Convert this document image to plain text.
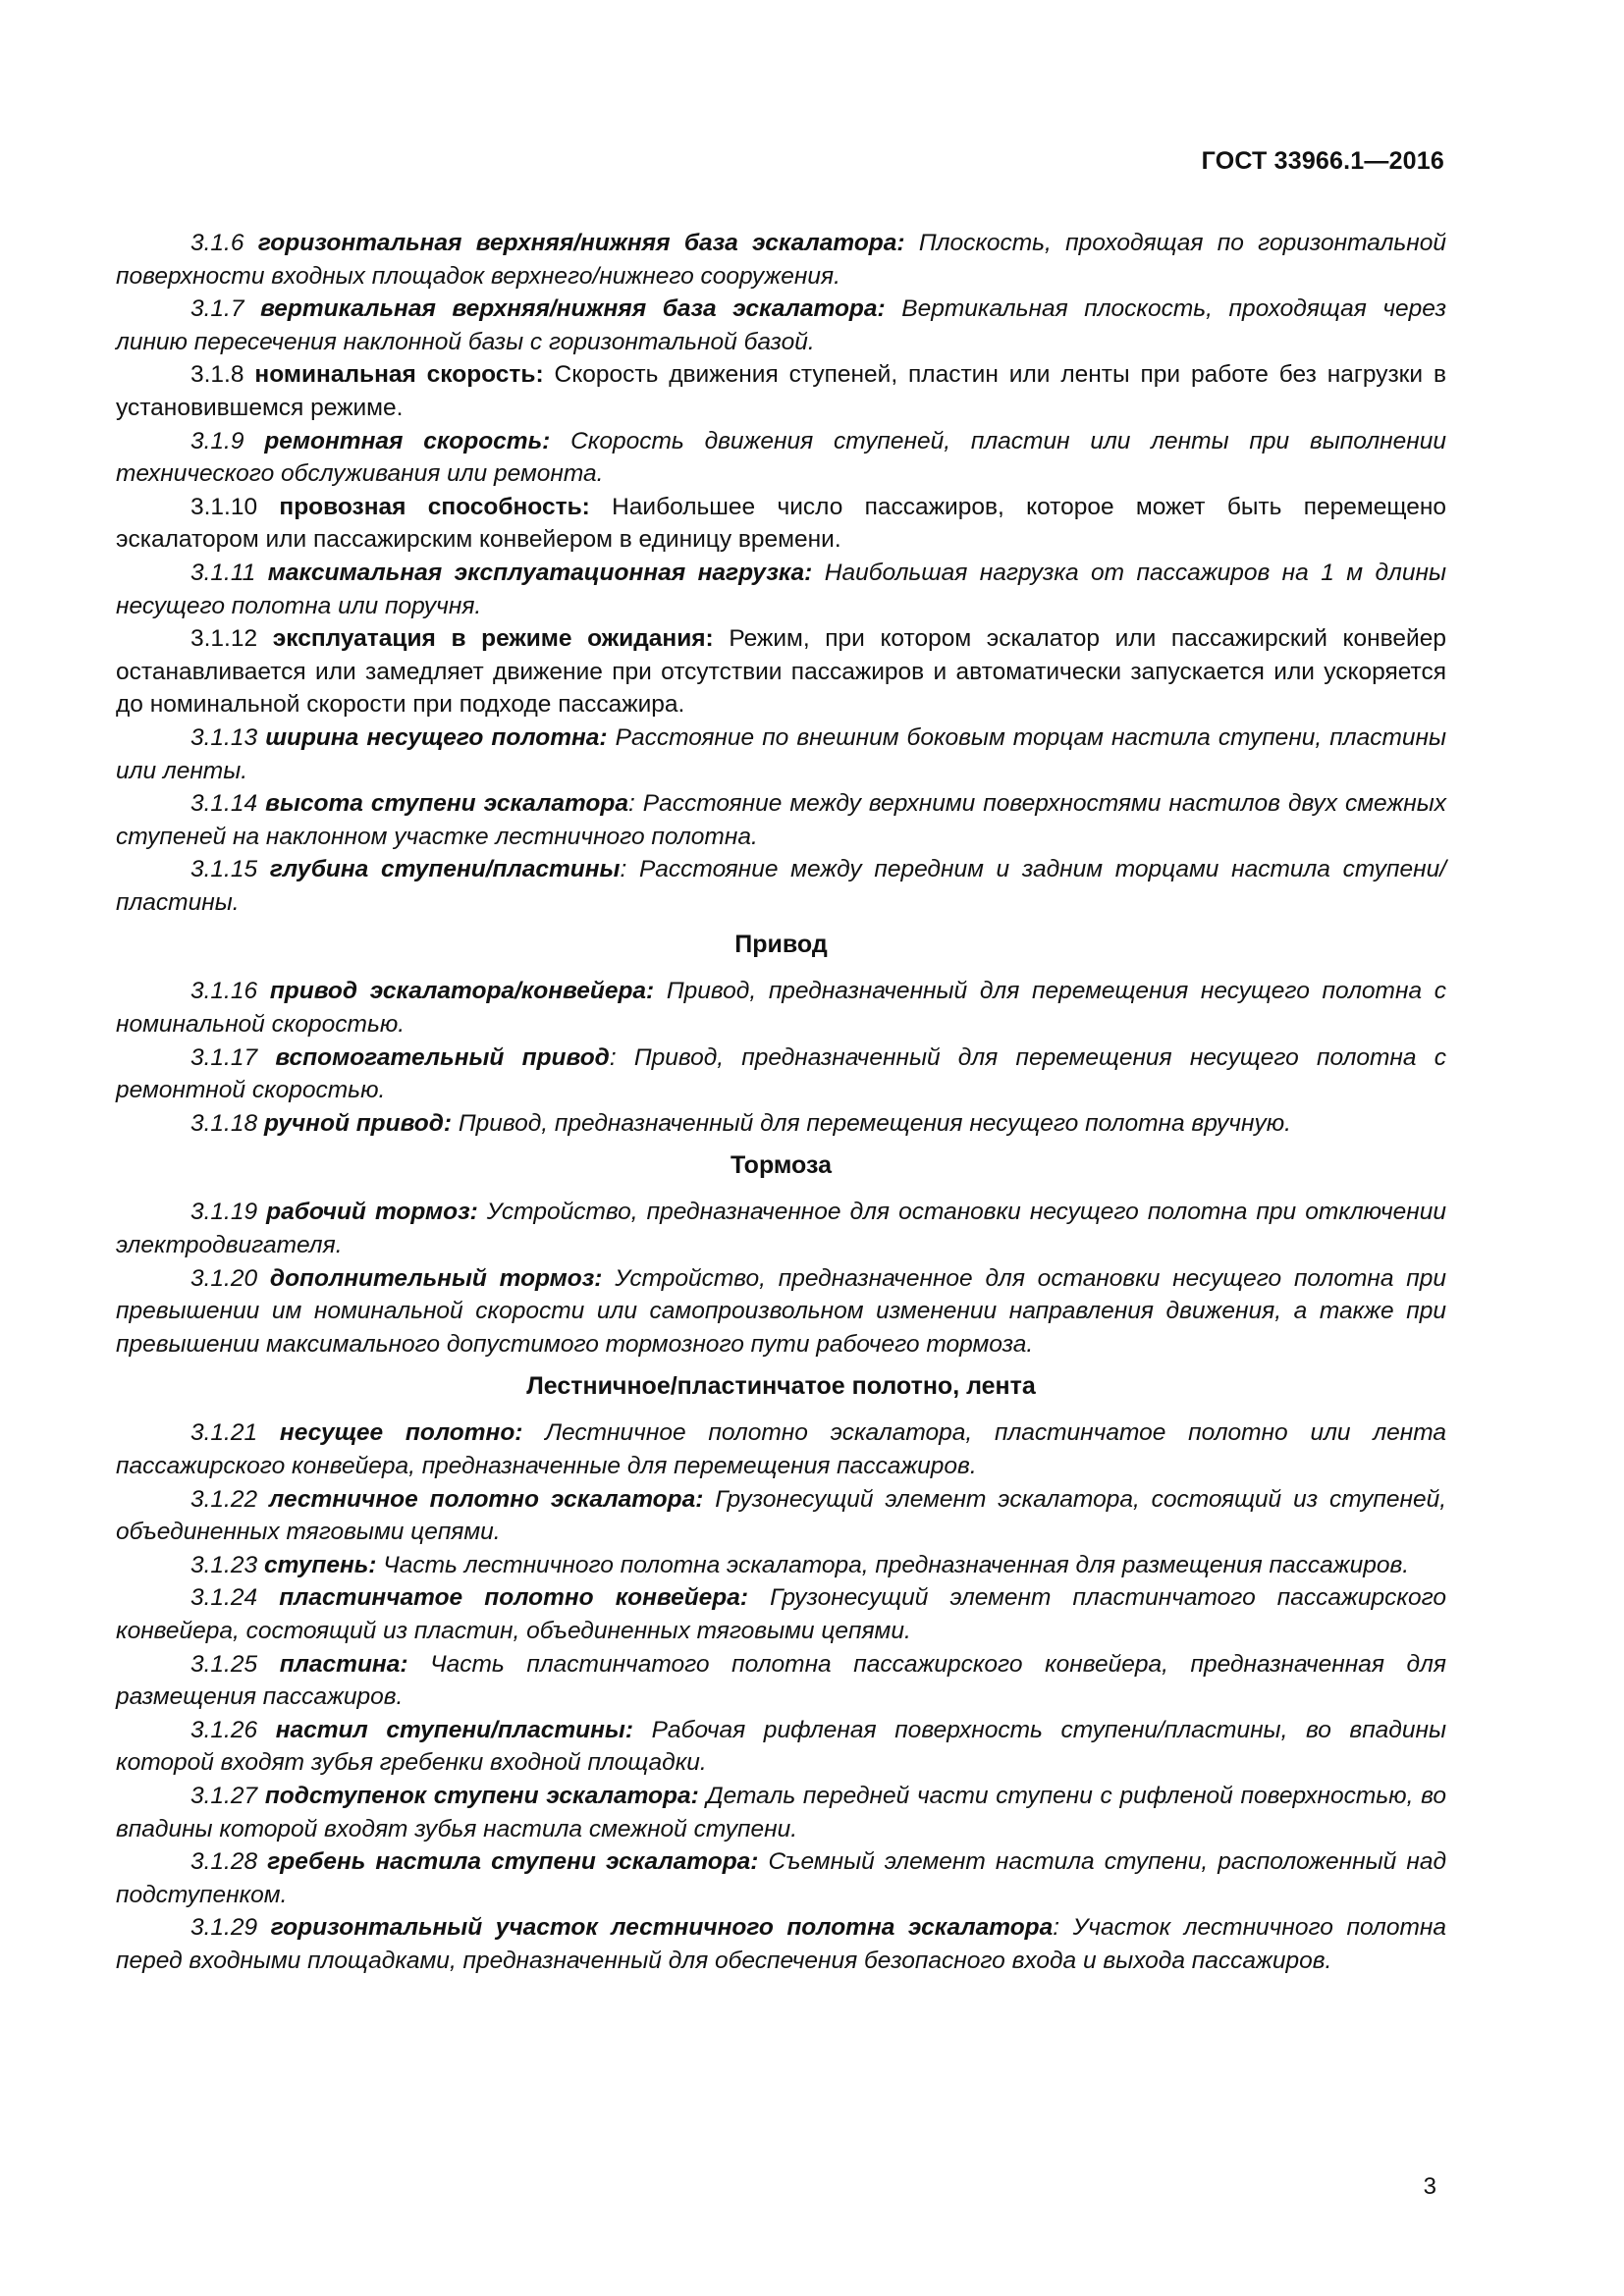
ГОСТ 33966.1—2016

3.1.6 горизонтальная верхняя/нижняя база эскалатора: Плоскость, проходящая по горизонтальной поверхности входных площадок верхнего/нижнего сооружения.

3.1.7 вертикальная верхняя/нижняя база эскалатора: Вертикальная плоскость, проходящая через линию пересечения наклонной базы с горизонтальной базой.

3.1.8 номинальная скорость: Скорость движения ступеней, пластин или ленты при работе без нагрузки в установившемся режиме.

3.1.9 ремонтная скорость: Скорость движения ступеней, пластин или ленты при выполнении технического обслуживания или ремонта.

3.1.10 провозная способность: Наибольшее число пассажиров, которое может быть перемещено эскалатором или пассажирским конвейером в единицу времени.

3.1.11 максимальная эксплуатационная нагрузка: Наибольшая нагрузка от пассажиров на 1 м длины несущего полотна или поручня.

3.1.12 эксплуатация в режиме ожидания: Режим, при котором эскалатор или пассажирский конвейер останавливается или замедляет движение при отсутствии пассажиров и автоматически запускается или ускоряется до номинальной скорости при подходе пассажира.

3.1.13 ширина несущего полотна: Расстояние по внешним боковым торцам настила ступени, пластины или ленты.

3.1.14 высота ступени эскалатора: Расстояние между верхними поверхностями настилов двух смежных ступеней на наклонном участке лестничного полотна.

3.1.15 глубина ступени/пластины: Расстояние между передним и задним торцами настила ступени/пластины.

Привод

3.1.16 привод эскалатора/конвейера: Привод, предназначенный для перемещения несущего полотна с номинальной скоростью.

3.1.17 вспомогательный привод: Привод, предназначенный для перемещения несущего полотна с ремонтной скоростью.

3.1.18 ручной привод: Привод, предназначенный для перемещения несущего полотна вручную.

Тормоза

3.1.19 рабочий тормоз: Устройство, предназначенное для остановки несущего полотна при отключении электродвигателя.

3.1.20 дополнительный тормоз: Устройство, предназначенное для остановки несущего полотна при превышении им номинальной скорости или самопроизвольном изменении направления движения, а также при превышении максимального допустимого тормозного пути рабочего тормоза.

Лестничное/пластинчатое полотно, лента

3.1.21 несущее полотно: Лестничное полотно эскалатора, пластинчатое полотно или лента пассажирского конвейера, предназначенные для перемещения пассажиров.

3.1.22 лестничное полотно эскалатора: Грузонесущий элемент эскалатора, состоящий из ступеней, объединенных тяговыми цепями.

3.1.23 ступень: Часть лестничного полотна эскалатора, предназначенная для размещения пассажиров.

3.1.24 пластинчатое полотно конвейера: Грузонесущий элемент пластинчатого пассажирского конвейера, состоящий из пластин, объединенных тяговыми цепями.

3.1.25 пластина: Часть пластинчатого полотна пассажирского конвейера, предназначенная для размещения пассажиров.

3.1.26 настил ступени/пластины: Рабочая рифленая поверхность ступени/пластины, во впадины которой входят зубья гребенки входной площадки.

3.1.27 подступенок ступени эскалатора: Деталь передней части ступени с рифленой поверхностью, во впадины которой входят зубья настила смежной ступени.

3.1.28 гребень настила ступени эскалатора: Съемный элемент настила ступени, расположенный над подступенком.

3.1.29 горизонтальный участок лестничного полотна эскалатора: Участок лестничного полотна перед входными площадками, предназначенный для обеспечения безопасного входа и выхода пассажиров.

3
